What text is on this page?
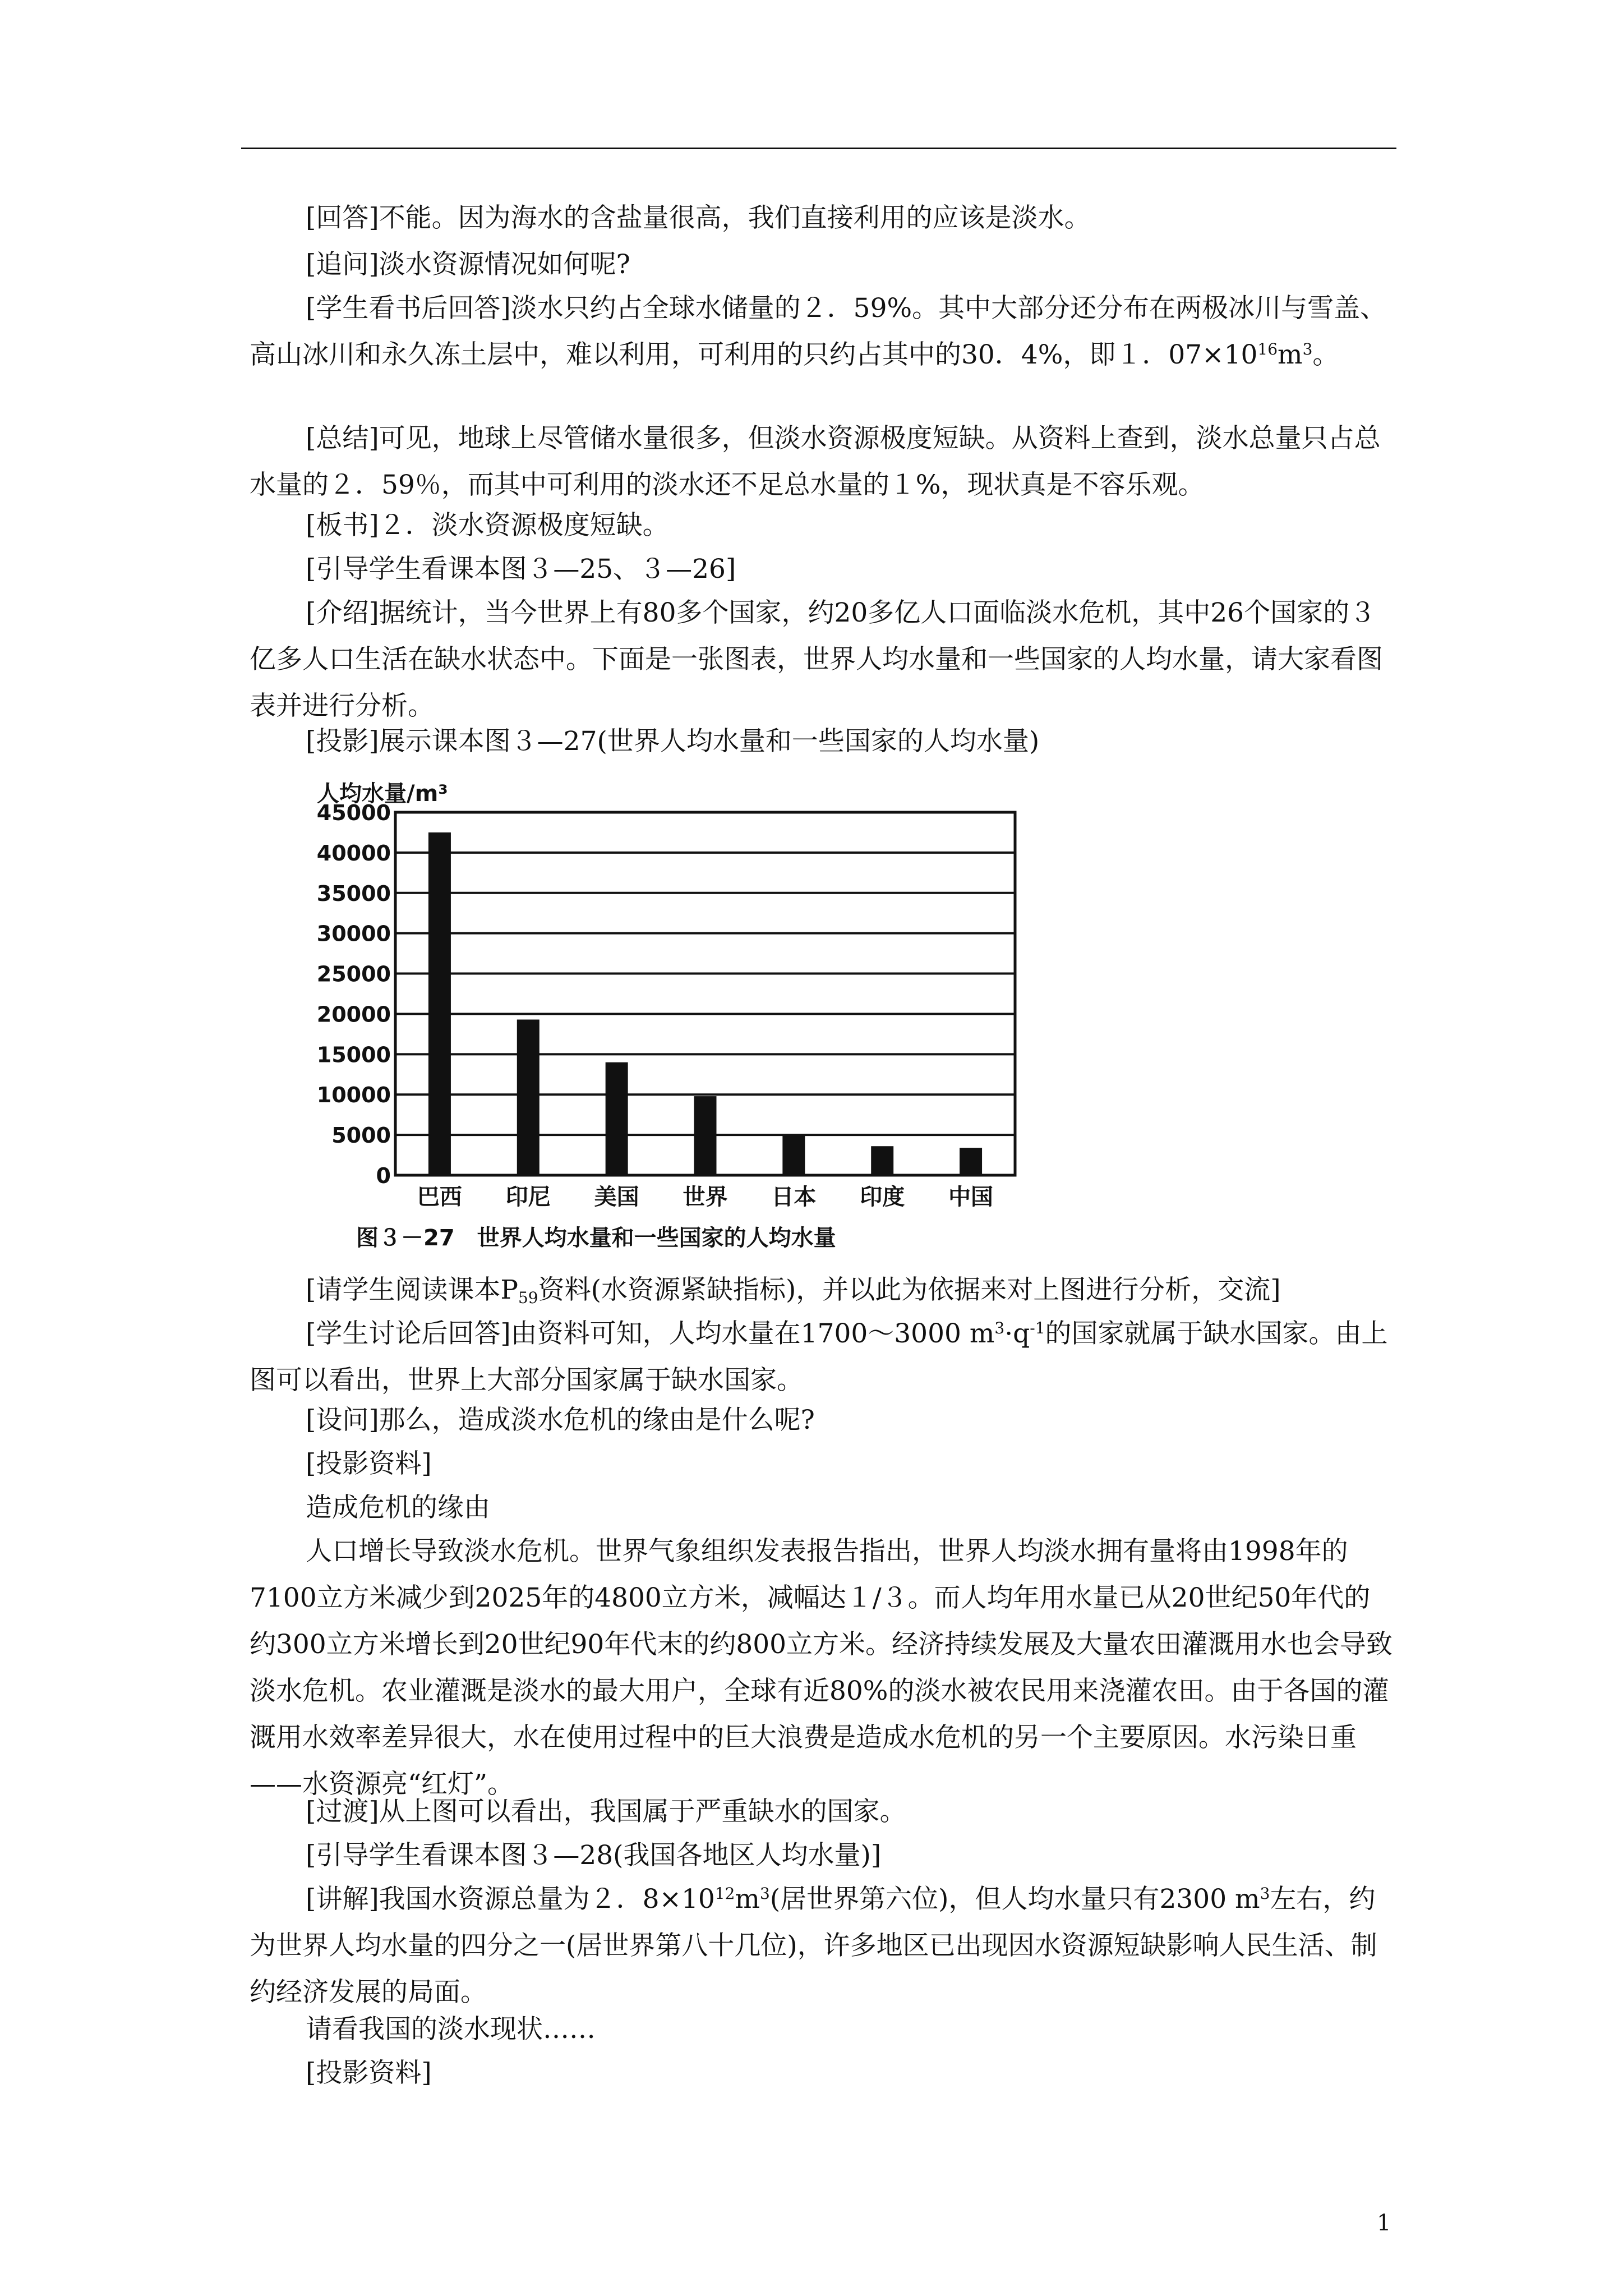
[回答]不能。因为海水的含盐量很高，我们直接利用的应该是淡水。

[追问]淡水资源情况如何呢?

[学生看书后回答]淡水只约占全球水储量的２．59%。其中大部分还分布在两极冰川与雪盖、高山冰川和永久冻土层中，难以利用，可利用的只约占其中的30．4%，即１．$07\times 10^{16}m^3$。

[总结]可见，地球上尽管储水量很多，但淡水资源极度短缺。从资料上查到，淡水总量只占总水量的２．59％，而其中可利用的淡水还不足总水量的１%，现状真是不容乐观。

[板书]２．淡水资源极度短缺。

[引导学生看课本图３—25、３—26]

[介绍]据统计，当今世界上有80多个国家，约20多亿人口面临淡水危机，其中26个国家的３亿多人口生活在缺水状态中。下面是一张图表，世界人均水量和一些国家的人均水量，请大家看图表并进行分析。

[投影]展示课本图３—27(世界人均水量和一些国家的人均水量)

人均水量/m³
0
5000
10000
15000
20000
25000
30000
35000
40000
45000
巴西 印尼 美国 世界 日本 印度 中国
图３－27　世界人均水量和一些国家的人均水量

[请学生阅读课本$P_{59}$资料(水资源紧缺指标)，并以此为依据来对上图进行分析，交流]

[学生讨论后回答]由资料可知，人均水量在1700～3000 $m^3\cdot q^{-1}$的国家就属于缺水国家。由上图可以看出，世界上大部分国家属于缺水国家。

[设问]那么，造成淡水危机的缘由是什么呢?

[投影资料]

造成危机的缘由

人口增长导致淡水危机。世界气象组织发表报告指出，世界人均淡水拥有量将由1998年的7100立方米减少到2025年的4800立方米，减幅达１/３。而人均年用水量已从20世纪50年代的约300立方米增长到20世纪90年代末的约800立方米。经济持续发展及大量农田灌溉用水也会导致淡水危机。农业灌溉是淡水的最大用户，全球有近80%的淡水被农民用来浇灌农田。由于各国的灌溉用水效率差异很大，水在使用过程中的巨大浪费是造成水危机的另一个主要原因。水污染日重——水资源亮“红灯”。

[过渡]从上图可以看出，我国属于严重缺水的国家。

[引导学生看课本图３—28(我国各地区人均水量)]

[讲解]我国水资源总量为２．$8\times 10^{12}m^3$(居世界第六位)，但人均水量只有2300 $m^3$左右，约为世界人均水量的四分之一(居世界第八十几位)，许多地区已出现因水资源短缺影响人民生活、制约经济发展的局面。

请看我国的淡水现状……

[投影资料]

1
